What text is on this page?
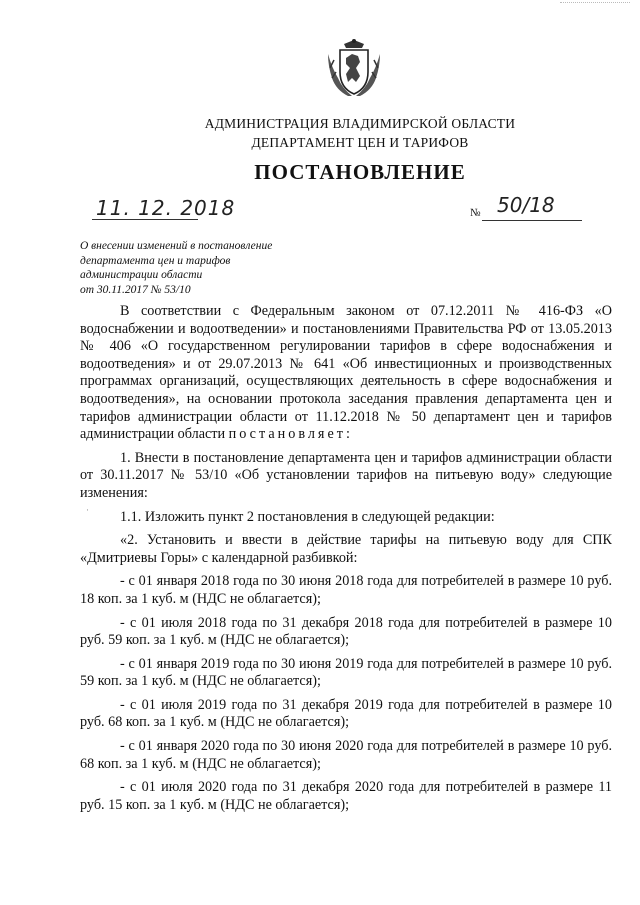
АДМИНИСТРАЦИЯ ВЛАДИМИРСКОЙ ОБЛАСТИ
ДЕПАРТАМЕНТ ЦЕН И ТАРИФОВ
ПОСТАНОВЛЕНИЕ
11. 12. 2018	№ 50/18
О внесении изменений в постановление
департамента цен и тарифов
администрации области
от 30.11.2017 № 53/10
·

В соответствии с Федеральным законом от 07.12.2011 № 416-ФЗ «О водоснабжении и водоотведении» и постановлениями Правительства РФ от 13.05.2013 № 406 «О государственном регулировании тарифов в сфере водоснабжения и водоотведения» и от 29.07.2013 № 641 «Об инвестиционных и производственных программах организаций, осуществляющих деятельность в сфере водоснабжения и водоотведения», на основании протокола заседания правления департамента цен и тарифов администрации области от 11.12.2018 № 50 департамент цен и тарифов администрации области постановляет:

1. Внести в постановление департамента цен и тарифов администрации области от 30.11.2017 № 53/10 «Об установлении тарифов на питьевую воду» следующие изменения:

1.1. Изложить пункт 2 постановления в следующей редакции:

«2. Установить и ввести в действие тарифы на питьевую воду для СПК «Дмитриевы Горы» с календарной разбивкой:

- с 01 января 2018 года по 30 июня 2018 года для потребителей в размере 10 руб. 18 коп. за 1 куб. м (НДС не облагается);

- с 01 июля 2018 года по 31 декабря 2018 года для потребителей в размере 10 руб. 59 коп. за 1 куб. м (НДС не облагается);

- с 01 января 2019 года по 30 июня 2019 года для потребителей в размере 10 руб. 59 коп. за 1 куб. м (НДС не облагается);

- с 01 июля 2019 года по 31 декабря 2019 года для потребителей в размере 10 руб. 68 коп. за 1 куб. м (НДС не облагается);

- с 01 января 2020 года по 30 июня 2020 года для потребителей в размере 10 руб. 68 коп. за 1 куб. м (НДС не облагается);

- с 01 июля 2020 года по 31 декабря 2020 года для потребителей в размере 11 руб. 15 коп. за 1 куб. м (НДС не облагается);
